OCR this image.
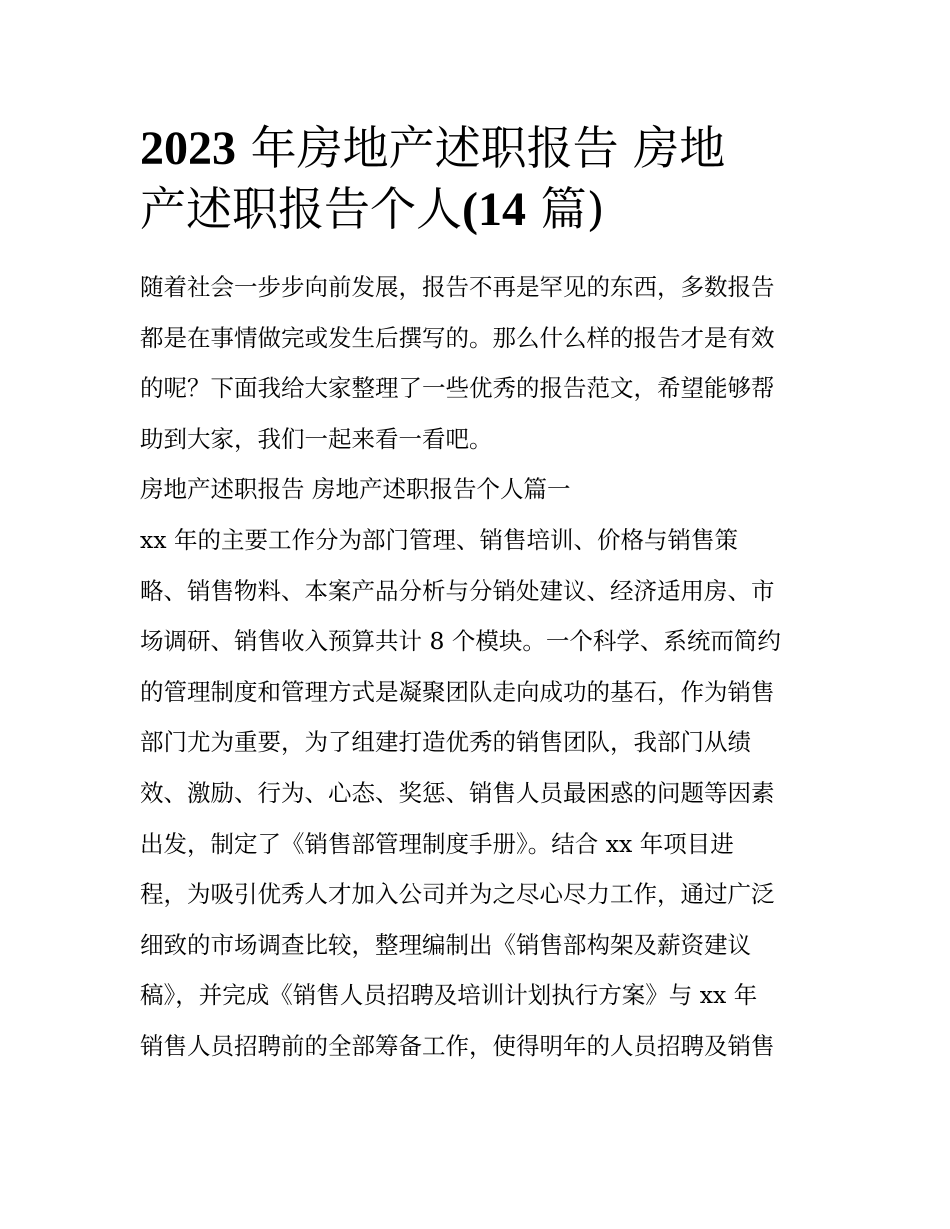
2023 年房地产述职报告 房地
产述职报告个人(14 篇)
随着社会一步步向前发展，报告不再是罕见的东西，多数报告
都是在事情做完或发生后撰写的。那么什么样的报告才是有效
的呢？下面我给大家整理了一些优秀的报告范文，希望能够帮
助到大家，我们一起来看一看吧。
房地产述职报告 房地产述职报告个人篇一
xx 年的主要工作分为部门管理、销售培训、价格与销售策
略、销售物料、本案产品分析与分销处建议、经济适用房、市
场调研、销售收入预算共计 8 个模块。一个科学、系统而简约
的管理制度和管理方式是凝聚团队走向成功的基石，作为销售
部门尤为重要，为了组建打造优秀的销售团队，我部门从绩
效、激励、行为、心态、奖惩、销售人员最困惑的问题等因素
出发，制定了《销售部管理制度手册》。结合 xx 年项目进
程，为吸引优秀人才加入公司并为之尽心尽力工作，通过广泛
细致的市场调查比较，整理编制出《销售部构架及薪资建议
稿》，并完成《销售人员招聘及培训计划执行方案》与 xx 年
销售人员招聘前的全部筹备工作，使得明年的人员招聘及销售
